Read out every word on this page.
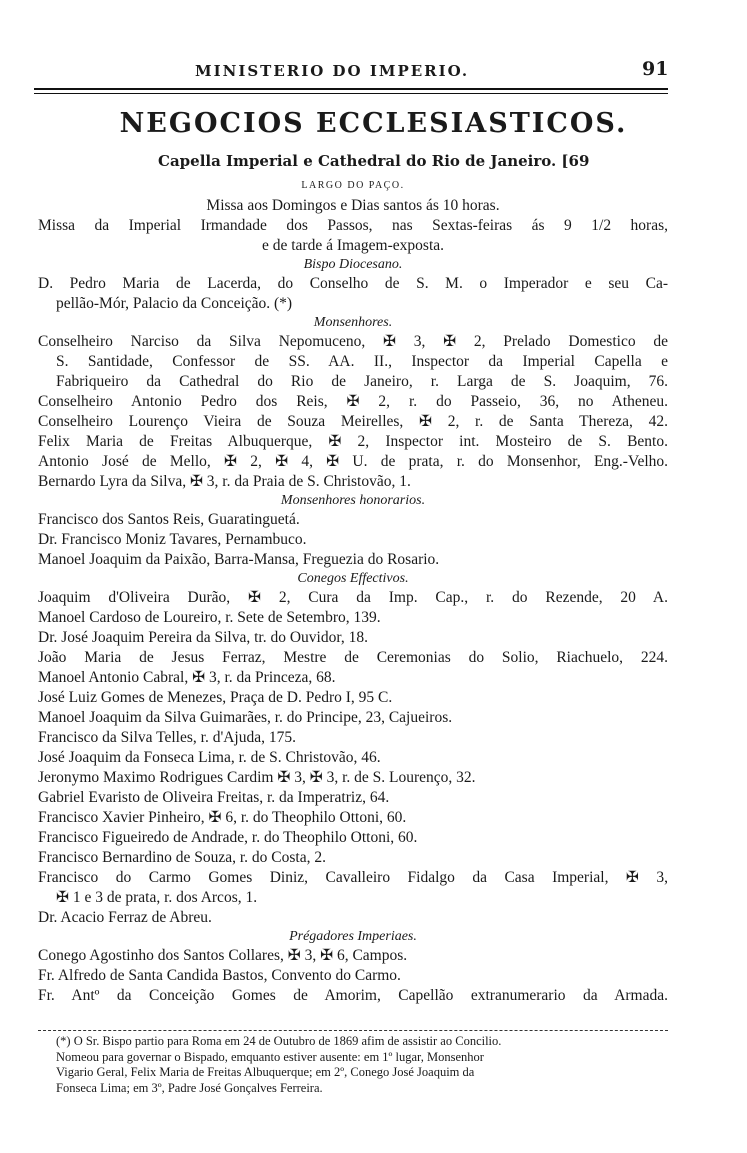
MINISTERIO DO IMPERIO.	91
NEGOCIOS ECCLESIASTICOS.
Capella Imperial e Cathedral do Rio de Janeiro. [69
LARGO DO PAÇO.
Missa aos Domingos e Dias santos ás 10 horas.
Missa da Imperial Irmandade dos Passos, nas Sextas-feiras ás 9 1/2 horas,
e de tarde á Imagem-exposta.
Bispo Diocesano.
D. Pedro Maria de Lacerda, do Conselho de S. M. o Imperador e seu Ca-
pellão-Mór, Palacio da Conceição. (*)
Monsenhores.
Conselheiro Narciso da Silva Nepomuceno, ✠ 3, ✠ 2, Prelado Domestico de
S. Santidade, Confessor de SS. AA. II., Inspector da Imperial Capella e
Fabriqueiro da Cathedral do Rio de Janeiro, r. Larga de S. Joaquim, 76.
Conselheiro Antonio Pedro dos Reis, ✠ 2, r. do Passeio, 36, no Atheneu.
Conselheiro Lourenço Vieira de Souza Meirelles, ✠ 2, r. de Santa Thereza, 42.
Felix Maria de Freitas Albuquerque, ✠ 2, Inspector int. Mosteiro de S. Bento.
Antonio José de Mello, ✠ 2, ✠ 4, ✠ U. de prata, r. do Monsenhor, Eng.-Velho.
Bernardo Lyra da Silva, ✠ 3, r. da Praia de S. Christovão, 1.
Monsenhores honorarios.
Francisco dos Santos Reis, Guaratinguetá.
Dr. Francisco Moniz Tavares, Pernambuco.
Manoel Joaquim da Paixão, Barra-Mansa, Freguezia do Rosario.
Conegos Effectivos.
Joaquim d'Oliveira Durão, ✠ 2, Cura da Imp. Cap., r. do Rezende, 20 A.
Manoel Cardoso de Loureiro, r. Sete de Setembro, 139.
Dr. José Joaquim Pereira da Silva, tr. do Ouvidor, 18.
João Maria de Jesus Ferraz, Mestre de Ceremonias do Solio, Riachuelo, 224.
Manoel Antonio Cabral, ✠ 3, r. da Princeza, 68.
José Luiz Gomes de Menezes, Praça de D. Pedro I, 95 C.
Manoel Joaquim da Silva Guimarães, r. do Principe, 23, Cajueiros.
Francisco da Silva Telles, r. d'Ajuda, 175.
José Joaquim da Fonseca Lima, r. de S. Christovão, 46.
Jeronymo Maximo Rodrigues Cardim ✠ 3, ✠ 3, r. de S. Lourenço, 32.
Gabriel Evaristo de Oliveira Freitas, r. da Imperatriz, 64.
Francisco Xavier Pinheiro, ✠ 6, r. do Theophilo Ottoni, 60.
Francisco Figueiredo de Andrade, r. do Theophilo Ottoni, 60.
Francisco Bernardino de Souza, r. do Costa, 2.
Francisco do Carmo Gomes Diniz, Cavalleiro Fidalgo da Casa Imperial, ✠ 3,
✠ 1 e 3 de prata, r. dos Arcos, 1.
Dr. Acacio Ferraz de Abreu.
Prégadores Imperiaes.
Conego Agostinho dos Santos Collares, ✠ 3, ✠ 6, Campos.
Fr. Alfredo de Santa Candida Bastos, Convento do Carmo.
Fr. Antº da Conceição Gomes de Amorim, Capellão extranumerario da Armada.
(*) O Sr. Bispo partio para Roma em 24 de Outubro de 1869 afim de assistir ao Concilio.
Nomeou para governar o Bispado, emquanto estiver ausente: em 1º lugar, Monsenhor
Vigario Geral, Felix Maria de Freitas Albuquerque; em 2º, Conego José Joaquim da
Fonseca Lima; em 3º, Padre José Gonçalves Ferreira.
